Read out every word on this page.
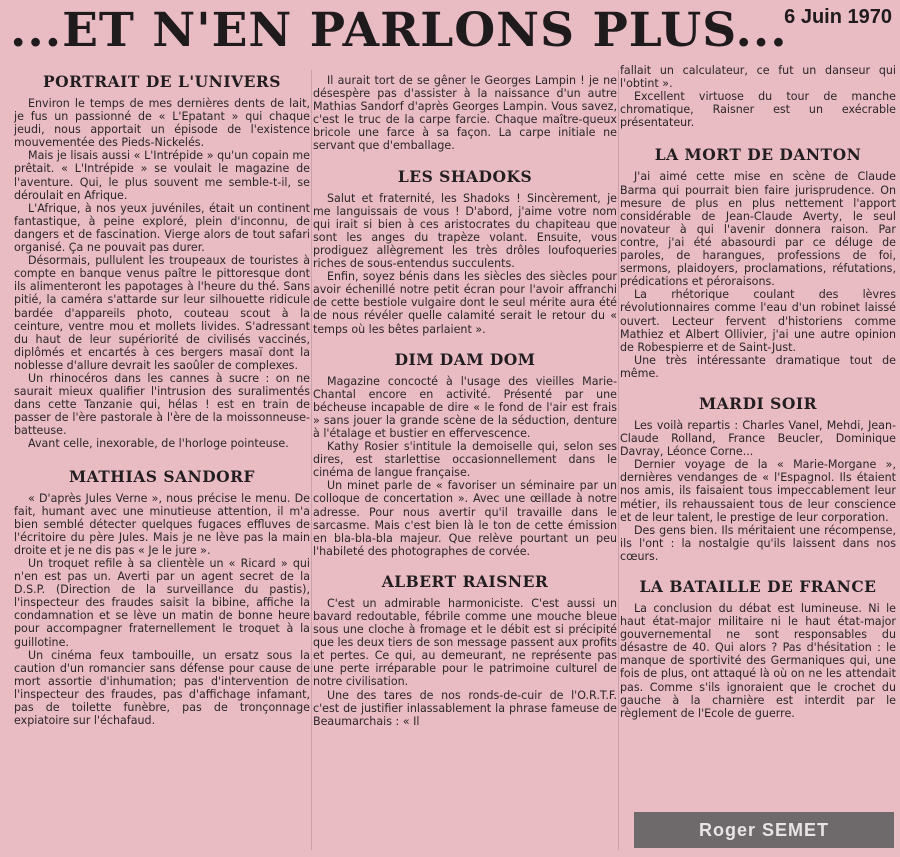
...ET N'EN PARLONS PLUS...
6 Juin 1970
PORTRAIT DE L'UNIVERS

Environ le temps de mes dernières dents de lait, je fus un passionné de « L'Epatant » qui chaque jeudi, nous apportait un épisode de l'existence mouvementée des Pieds-Nickelés.

Mais je lisais aussi « L'Intrépide » qu'un copain me prêtait. « L'Intrépide » se voulait le magazine de l'aventure. Qui, le plus souvent me semble-t-il, se déroulait en Afrique.

L'Afrique, à nos yeux juvéniles, était un continent fantastique, à peine exploré, plein d'inconnu, de dangers et de fascination. Vierge alors de tout safari organisé. Ça ne pouvait pas durer.

Désormais, pullulent les troupeaux de touristes à compte en banque venus paître le pittoresque dont ils alimenteront les papotages à l'heure du thé. Sans pitié, la caméra s'attarde sur leur silhouette ridicule bardée d'appareils photo, couteau scout à la ceinture, ventre mou et mollets livides. S'adressant du haut de leur supériorité de civilisés vaccinés, diplômés et encartés à ces bergers masaï dont la noblesse d'allure devrait les saoûler de complexes.

Un rhinocéros dans les cannes à sucre : on ne saurait mieux qualifier l'intrusion des suralimentés dans cette Tanzanie qui, hélas ! est en train de passer de l'ère pastorale à l'ère de la moissonneuse-batteuse.

Avant celle, inexorable, de l'horloge pointeuse.

MATHIAS SANDORF

« D'après Jules Verne », nous précise le menu. De fait, humant avec une minutieuse attention, il m'a bien semblé détecter quelques fugaces effluves de l'écritoire du père Jules. Mais je ne lève pas la main droite et je ne dis pas « Je le jure ».

Un troquet refile à sa clientèle un « Ricard » qui n'en est pas un. Averti par un agent secret de la D.S.P. (Direction de la surveillance du pastis), l'inspecteur des fraudes saisit la bibine, affiche la condamnation et se lève un matin de bonne heure pour accompagner fraternellement le troquet à la guillotine.

Un cinéma feux tambouille, un ersatz sous la caution d'un romancier sans défense pour cause de mort assortie d'inhumation; pas d'intervention de l'inspecteur des fraudes, pas d'affichage infamant, pas de toilette funèbre, pas de tronçonnage expiatoire sur l'échafaud.

Il aurait tort de se gêner le Georges Lampin ! je ne désespère pas d'assister à la naissance d'un autre Mathias Sandorf d'après Georges Lampin. Vous savez, c'est le truc de la carpe farcie. Chaque maître-queux bricole une farce à sa façon. La carpe initiale ne servant que d'emballage.

LES SHADOKS

Salut et fraternité, les Shadoks ! Sincèrement, je me languissais de vous ! D'abord, j'aime votre nom qui irait si bien à ces aristocrates du chapiteau que sont les anges du trapèze volant. Ensuite, vous prodiguez allègrement les très drôles loufoqueries riches de sous-entendus succulents.

Enfin, soyez bénis dans les siècles des siècles pour avoir échenillé notre petit écran pour l'avoir affranchi de cette bestiole vulgaire dont le seul mérite aura été de nous révéler quelle calamité serait le retour du « temps où les bêtes parlaient ».

DIM DAM DOM

Magazine concocté à l'usage des vieilles Marie-Chantal encore en activité. Présenté par une bécheuse incapable de dire « le fond de l'air est frais » sans jouer la grande scène de la séduction, denture à l'étalage et bustier en effervescence.

Kathy Rosier s'intitule la demoiselle qui, selon ses dires, est starlettise occasionnellement dans le cinéma de langue française.

Un minet parle de « favoriser un séminaire par un colloque de concertation ». Avec une œillade à notre adresse. Pour nous avertir qu'il travaille dans le sarcasme. Mais c'est bien là le ton de cette émission en bla-bla-bla majeur. Que relève pourtant un peu l'habileté des photographes de corvée.

ALBERT RAISNER

C'est un admirable harmoniciste. C'est aussi un bavard redoutable, fébrile comme une mouche bleue sous une cloche à fromage et le débit est si précipité que les deux tiers de son message passent aux profits et pertes. Ce qui, au demeurant, ne représente pas une perte irréparable pour le patrimoine culturel de notre civilisation.

Une des tares de nos ronds-de-cuir de l'O.R.T.F. c'est de justifier inlassablement la phrase fameuse de Beaumarchais : « Il

fallait un calculateur, ce fut un danseur qui l'obtint ».

Excellent virtuose du tour de manche chromatique, Raisner est un exécrable présentateur.

LA MORT DE DANTON

J'ai aimé cette mise en scène de Claude Barma qui pourrait bien faire jurisprudence. On mesure de plus en plus nettement l'apport considérable de Jean-Claude Averty, le seul novateur à qui l'avenir donnera raison. Par contre, j'ai été abasourdi par ce déluge de paroles, de harangues, professions de foi, sermons, plaidoyers, proclamations, réfutations, prédications et péroraisons.

La rhétorique coulant des lèvres révolutionnaires comme l'eau d'un robinet laissé ouvert. Lecteur fervent d'historiens comme Mathiez et Albert Ollivier, j'ai une autre opinion de Robespierre et de Saint-Just.

Une très intéressante dramatique tout de même.

MARDI SOIR

Les voilà repartis : Charles Vanel, Mehdi, Jean-Claude Rolland, France Beucler, Dominique Davray, Léonce Corne...

Dernier voyage de la « Marie-Morgane », dernières vendanges de « l'Espagnol. Ils étaient nos amis, ils faisaient tous impeccablement leur métier, ils rehaussaient tous de leur conscience et de leur talent, le prestige de leur corporation.

Des gens bien. Ils méritaient une récompense, ils l'ont : la nostalgie qu'ils laissent dans nos cœurs.

LA BATAILLE DE FRANCE

La conclusion du débat est lumineuse. Ni le haut état-major militaire ni le haut état-major gouvernemental ne sont responsables du désastre de 40. Qui alors ? Pas d'hésitation : le manque de sportivité des Germaniques qui, une fois de plus, ont attaqué là où on ne les attendait pas. Comme s'ils ignoraient que le crochet du gauche à la charnière est interdit par le règlement de l'Ecole de guerre.

Roger SEMET
